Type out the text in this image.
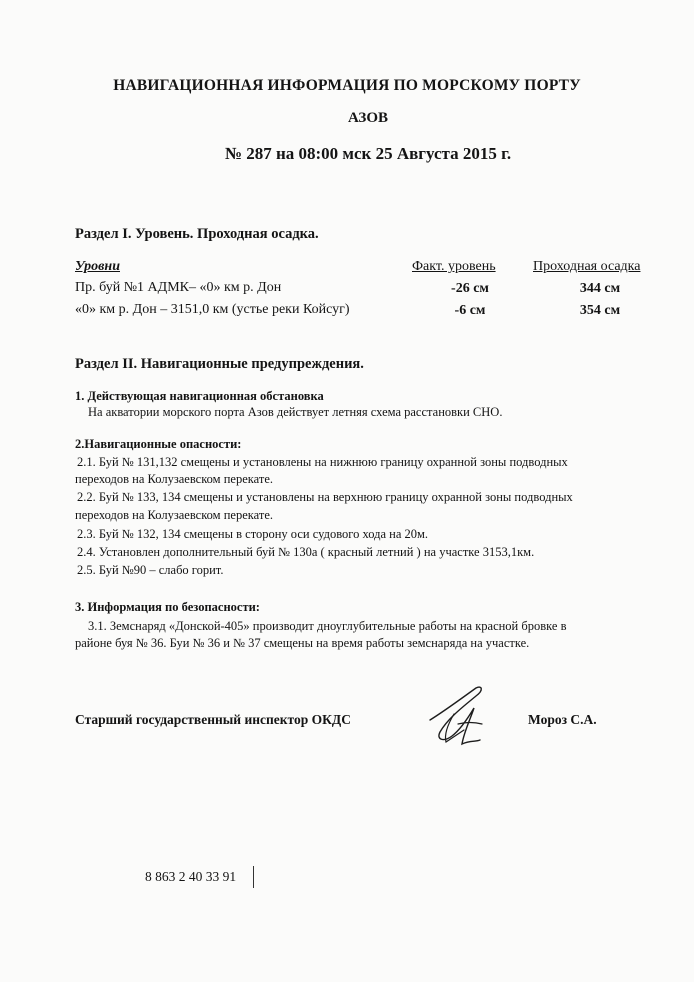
НАВИГАЦИОННАЯ ИНФОРМАЦИЯ ПО МОРСКОМУ ПОРТУ
АЗОВ
№ 287 на 08:00 мск 25 Августа 2015 г.
Раздел I. Уровень. Проходная осадка.
Уровни	Факт. уровень	Проходная осадка
Пр. буй №1 АДМК– «0» км р. Дон	-26 см	344 см
«0» км р. Дон – 3151,0 км (устье реки Койсуг)	-6 см	354 см
Раздел II. Навигационные предупреждения.
1. Действующая навигационная обстановка
На акватории морского порта Азов действует летняя схема расстановки СНО.
2.Навигационные опасности:
2.1. Буй № 131,132 смещены и установлены на нижнюю границу охранной зоны подводных
переходов на Колузаевском перекате.
2.2. Буй № 133, 134 смещены и установлены на верхнюю границу охранной зоны подводных
переходов на Колузаевском перекате.
2.3. Буй № 132, 134 смещены в сторону оси судового хода на 20м.
2.4. Установлен дополнительный буй № 130а ( красный летний ) на участке 3153,1км.
2.5. Буй №90 – слабо горит.
3. Информация по безопасности:
3.1. Земснаряд «Донской-405» производит дноуглубительные работы на красной бровке в
районе буя № 36. Буи № 36 и № 37 смещены на время работы земснаряда на участке.
Старший государственный инспектор ОКДС	Мороз С.А.
8 863 2 40 33 91
